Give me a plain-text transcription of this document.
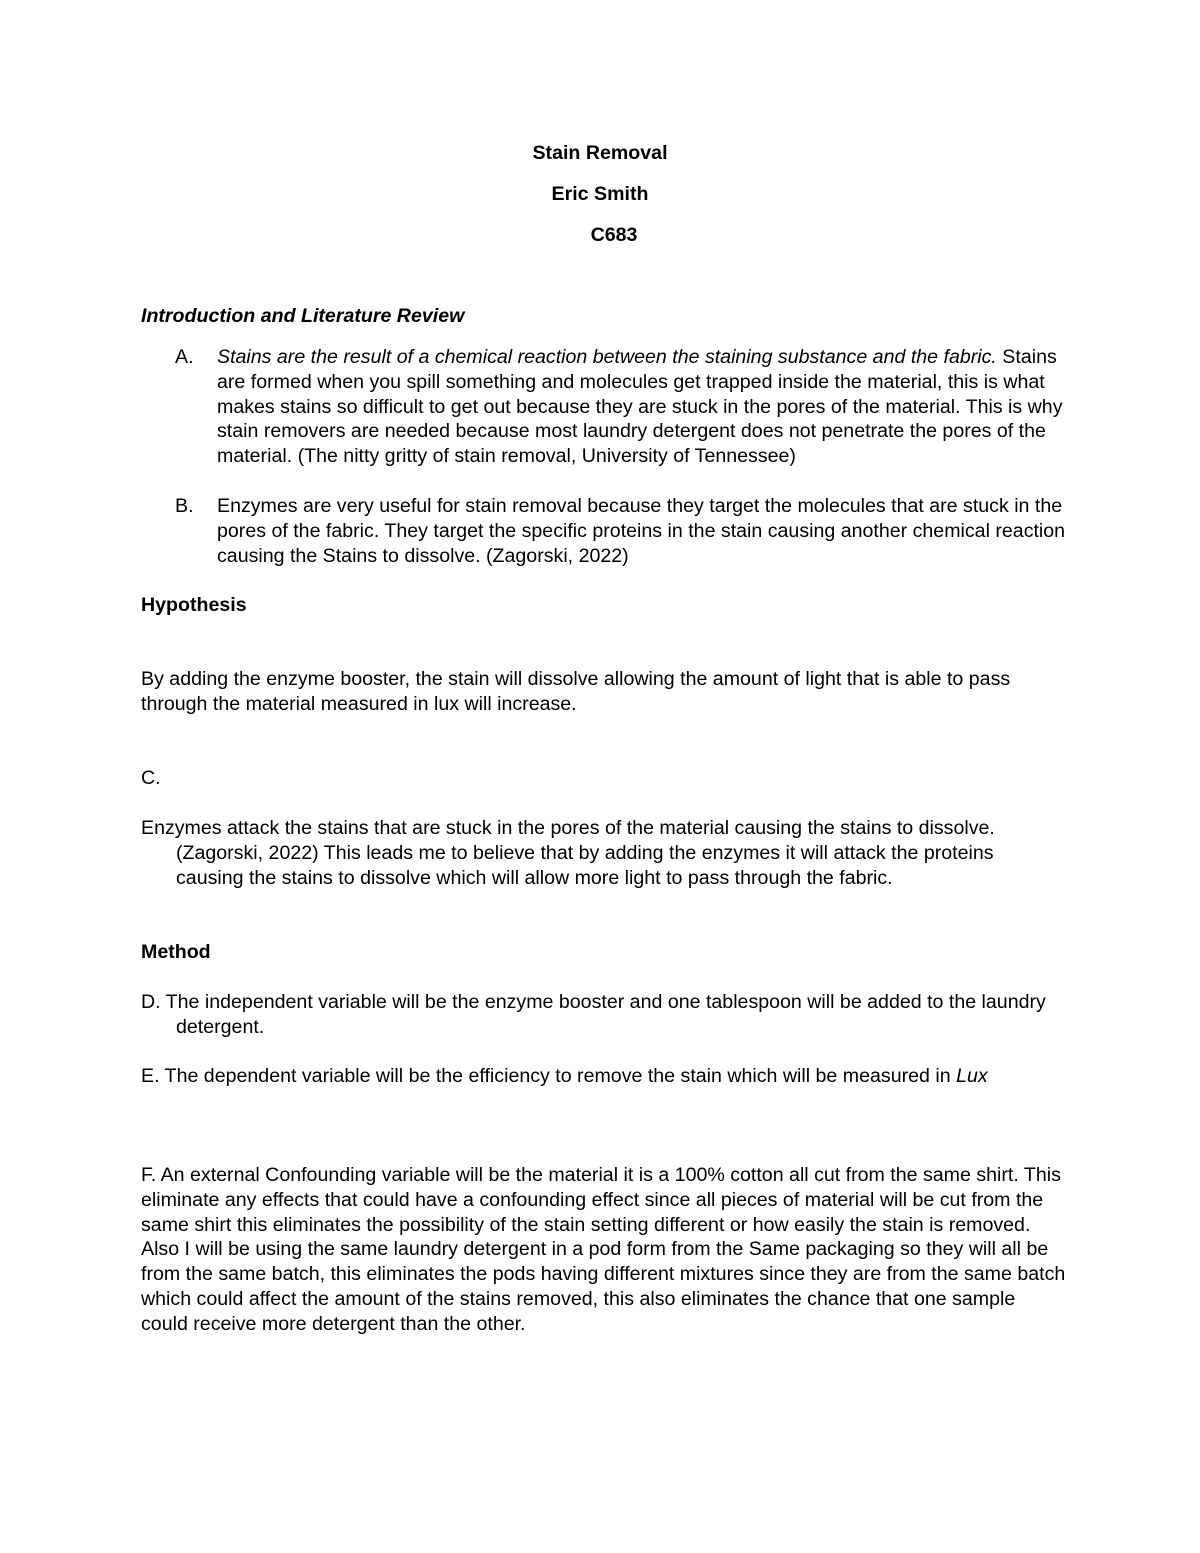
Stain Removal
Eric Smith
C683
Introduction and Literature Review
A.	Stains are the result of a chemical reaction between the staining substance and the fabric. Stains are formed when you spill something and molecules get trapped inside the material, this is what makes stains so difficult to get out because they are stuck in the pores of the material. This is why stain removers are needed because most laundry detergent does not penetrate the pores of the material. (The nitty gritty of stain removal, University of Tennessee)
B.	Enzymes are very useful for stain removal because they target the molecules that are stuck in the pores of the fabric. They target the specific proteins in the stain causing another chemical reaction causing the Stains to dissolve. (Zagorski, 2022)
Hypothesis
By adding the enzyme booster, the stain will dissolve allowing the amount of light that is able to pass through the material measured in lux will increase.
C.
Enzymes attack the stains that are stuck in the pores of the material causing the stains to dissolve. (Zagorski, 2022) This leads me to believe that by adding the enzymes it will attack the proteins causing the stains to dissolve which will allow more light to pass through the fabric.
Method
D. The independent variable will be the enzyme booster and one tablespoon will be added to the laundry detergent.
E. The dependent variable will be the efficiency to remove the stain which will be measured in Lux
F. An external Confounding variable will be the material it is a 100% cotton all cut from the same shirt. This eliminate any effects that could have a confounding effect since all pieces of material will be cut from the same shirt this eliminates the possibility of the stain setting different or how easily the stain is removed. Also I will be using the same laundry detergent in a pod form from the Same packaging so they will all be from the same batch, this eliminates the pods having different mixtures since they are from the same batch which could affect the amount of the stains removed, this also eliminates the chance that one sample could receive more detergent than the other.
